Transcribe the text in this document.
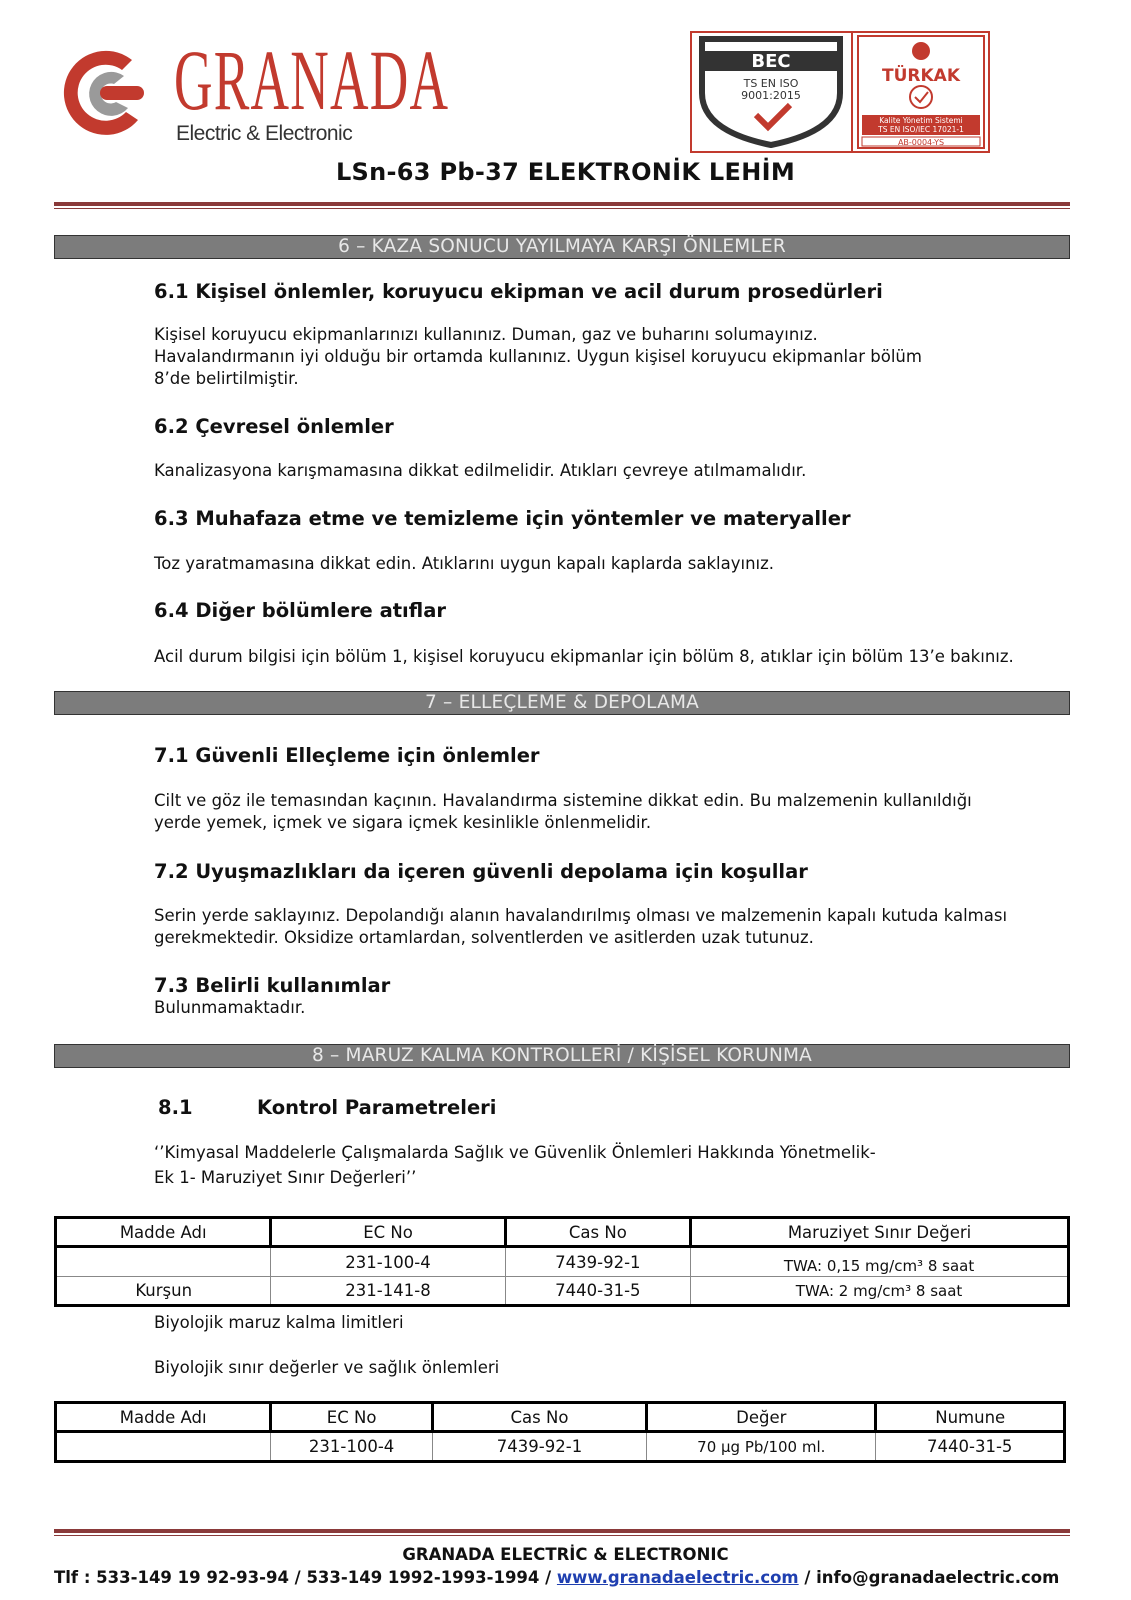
GRANADA
Electric & Electronic
BEC
TS EN ISO
9001:2015
TÜRKAK
Kalite Yönetim Sistemi
TS EN ISO/IEC 17021-1
AB-0004-YS
LSn-63 Pb-37 ELEKTRONİK LEHİM
6 – KAZA SONUCU YAYILMAYA KARŞI ÖNLEMLER
6.1 Kişisel önlemler, koruyucu ekipman ve acil durum prosedürleri
Kişisel koruyucu ekipmanlarınızı kullanınız. Duman, gaz ve buharını solumayınız.
Havalandırmanın iyi olduğu bir ortamda kullanınız. Uygun kişisel koruyucu ekipmanlar bölüm
8’de belirtilmiştir.
6.2 Çevresel önlemler
Kanalizasyona karışmamasına dikkat edilmelidir. Atıkları çevreye atılmamalıdır.
6.3 Muhafaza etme ve temizleme için yöntemler ve materyaller
Toz yaratmamasına dikkat edin. Atıklarını uygun kapalı kaplarda saklayınız.
6.4 Diğer bölümlere atıflar
Acil durum bilgisi için bölüm 1, kişisel koruyucu ekipmanlar için bölüm 8, atıklar için bölüm 13’e bakınız.
7 – ELLEÇLEME & DEPOLAMA
7.1 Güvenli Elleçleme için önlemler
Cilt ve göz ile temasından kaçının. Havalandırma sistemine dikkat edin. Bu malzemenin kullanıldığı
yerde yemek, içmek ve sigara içmek kesinlikle önlenmelidir.
7.2 Uyuşmazlıkları da içeren güvenli depolama için koşullar
Serin yerde saklayınız. Depolandığı alanın havalandırılmış olması ve malzemenin kapalı kutuda kalması
gerekmektedir. Oksidize ortamlardan, solventlerden ve asitlerden uzak tutunuz.
7.3 Belirli kullanımlar
Bulunmamaktadır.
8 – MARUZ KALMA KONTROLLERİ / KİŞİSEL KORUNMA
8.1	Kontrol Parametreleri
‘’Kimyasal Maddelerle Çalışmalarda Sağlık ve Güvenlik Önlemleri Hakkında Yönetmelik-
Ek 1- Maruziyet Sınır Değerleri’’
Madde Adı	EC No	Cas No	Maruziyet Sınır Değeri
	231-100-4	7439-92-1	TWA: 0,15 mg/cm³ 8 saat
Kurşun	231-141-8	7440-31-5	TWA: 2 mg/cm³ 8 saat
Biyolojik maruz kalma limitleri
Biyolojik sınır değerler ve sağlık önlemleri
Madde Adı	EC No	Cas No	Değer	Numune
	231-100-4	7439-92-1	70 µg Pb/100 ml.	7440-31-5
GRANADA ELECTRİC & ELECTRONIC
Tlf : 533-149 19 92-93-94 / 533-149 1992-1993-1994 / www.granadaelectric.com / info@granadaelectric.com
